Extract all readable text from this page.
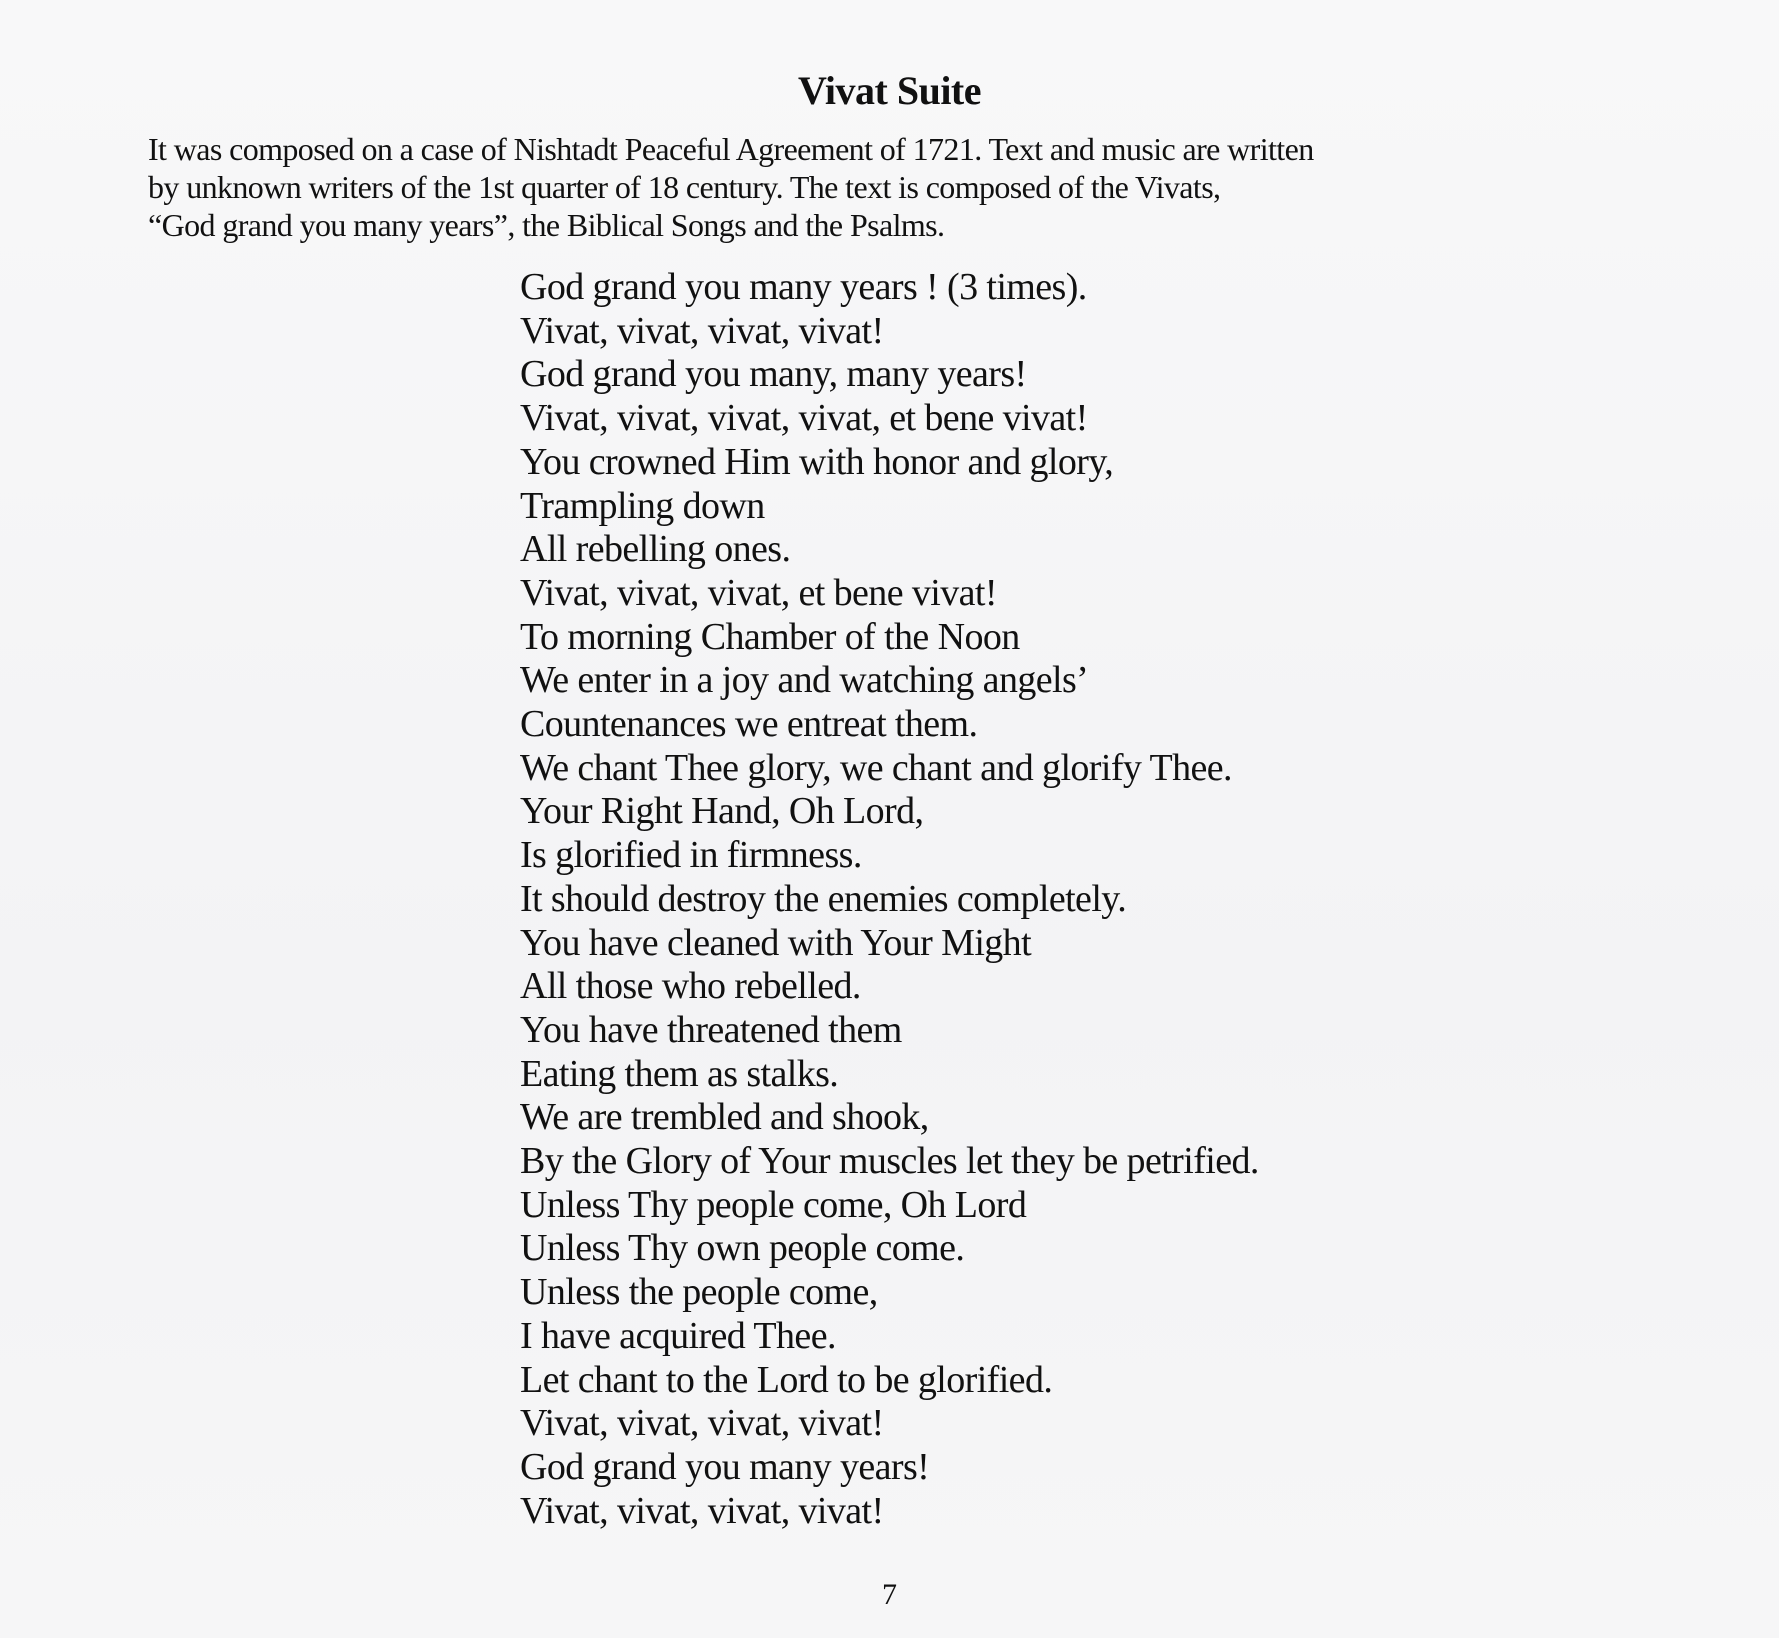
Vivat Suite
It was composed on a case of Nishtadt Peaceful Agreement of 1721. Text and music are written
by unknown writers of the 1st quarter of 18 century. The text is composed of the Vivats,
“God grand you many years”, the Biblical Songs and the Psalms.
God grand you many years ! (3 times).
Vivat, vivat, vivat, vivat!
God grand you many, many years!
Vivat, vivat, vivat, vivat, et bene vivat!
You crowned Him with honor and glory,
Trampling down
All rebelling ones.
Vivat, vivat, vivat, et bene vivat!
To morning Chamber of the Noon
We enter in a joy and watching angels’
Countenances we entreat them.
We chant Thee glory, we chant and glorify Thee.
Your Right Hand, Oh Lord,
Is glorified in firmness.
It should destroy the enemies completely.
You have cleaned with Your Might
All those who rebelled.
You have threatened them
Eating them as stalks.
We are trembled and shook,
By the Glory of Your muscles let they be petrified.
Unless Thy people come, Oh Lord
Unless Thy own people come.
Unless the people come,
I have acquired Thee.
Let chant to the Lord to be glorified.
Vivat, vivat, vivat, vivat!
God grand you many years!
Vivat, vivat, vivat, vivat!
7
